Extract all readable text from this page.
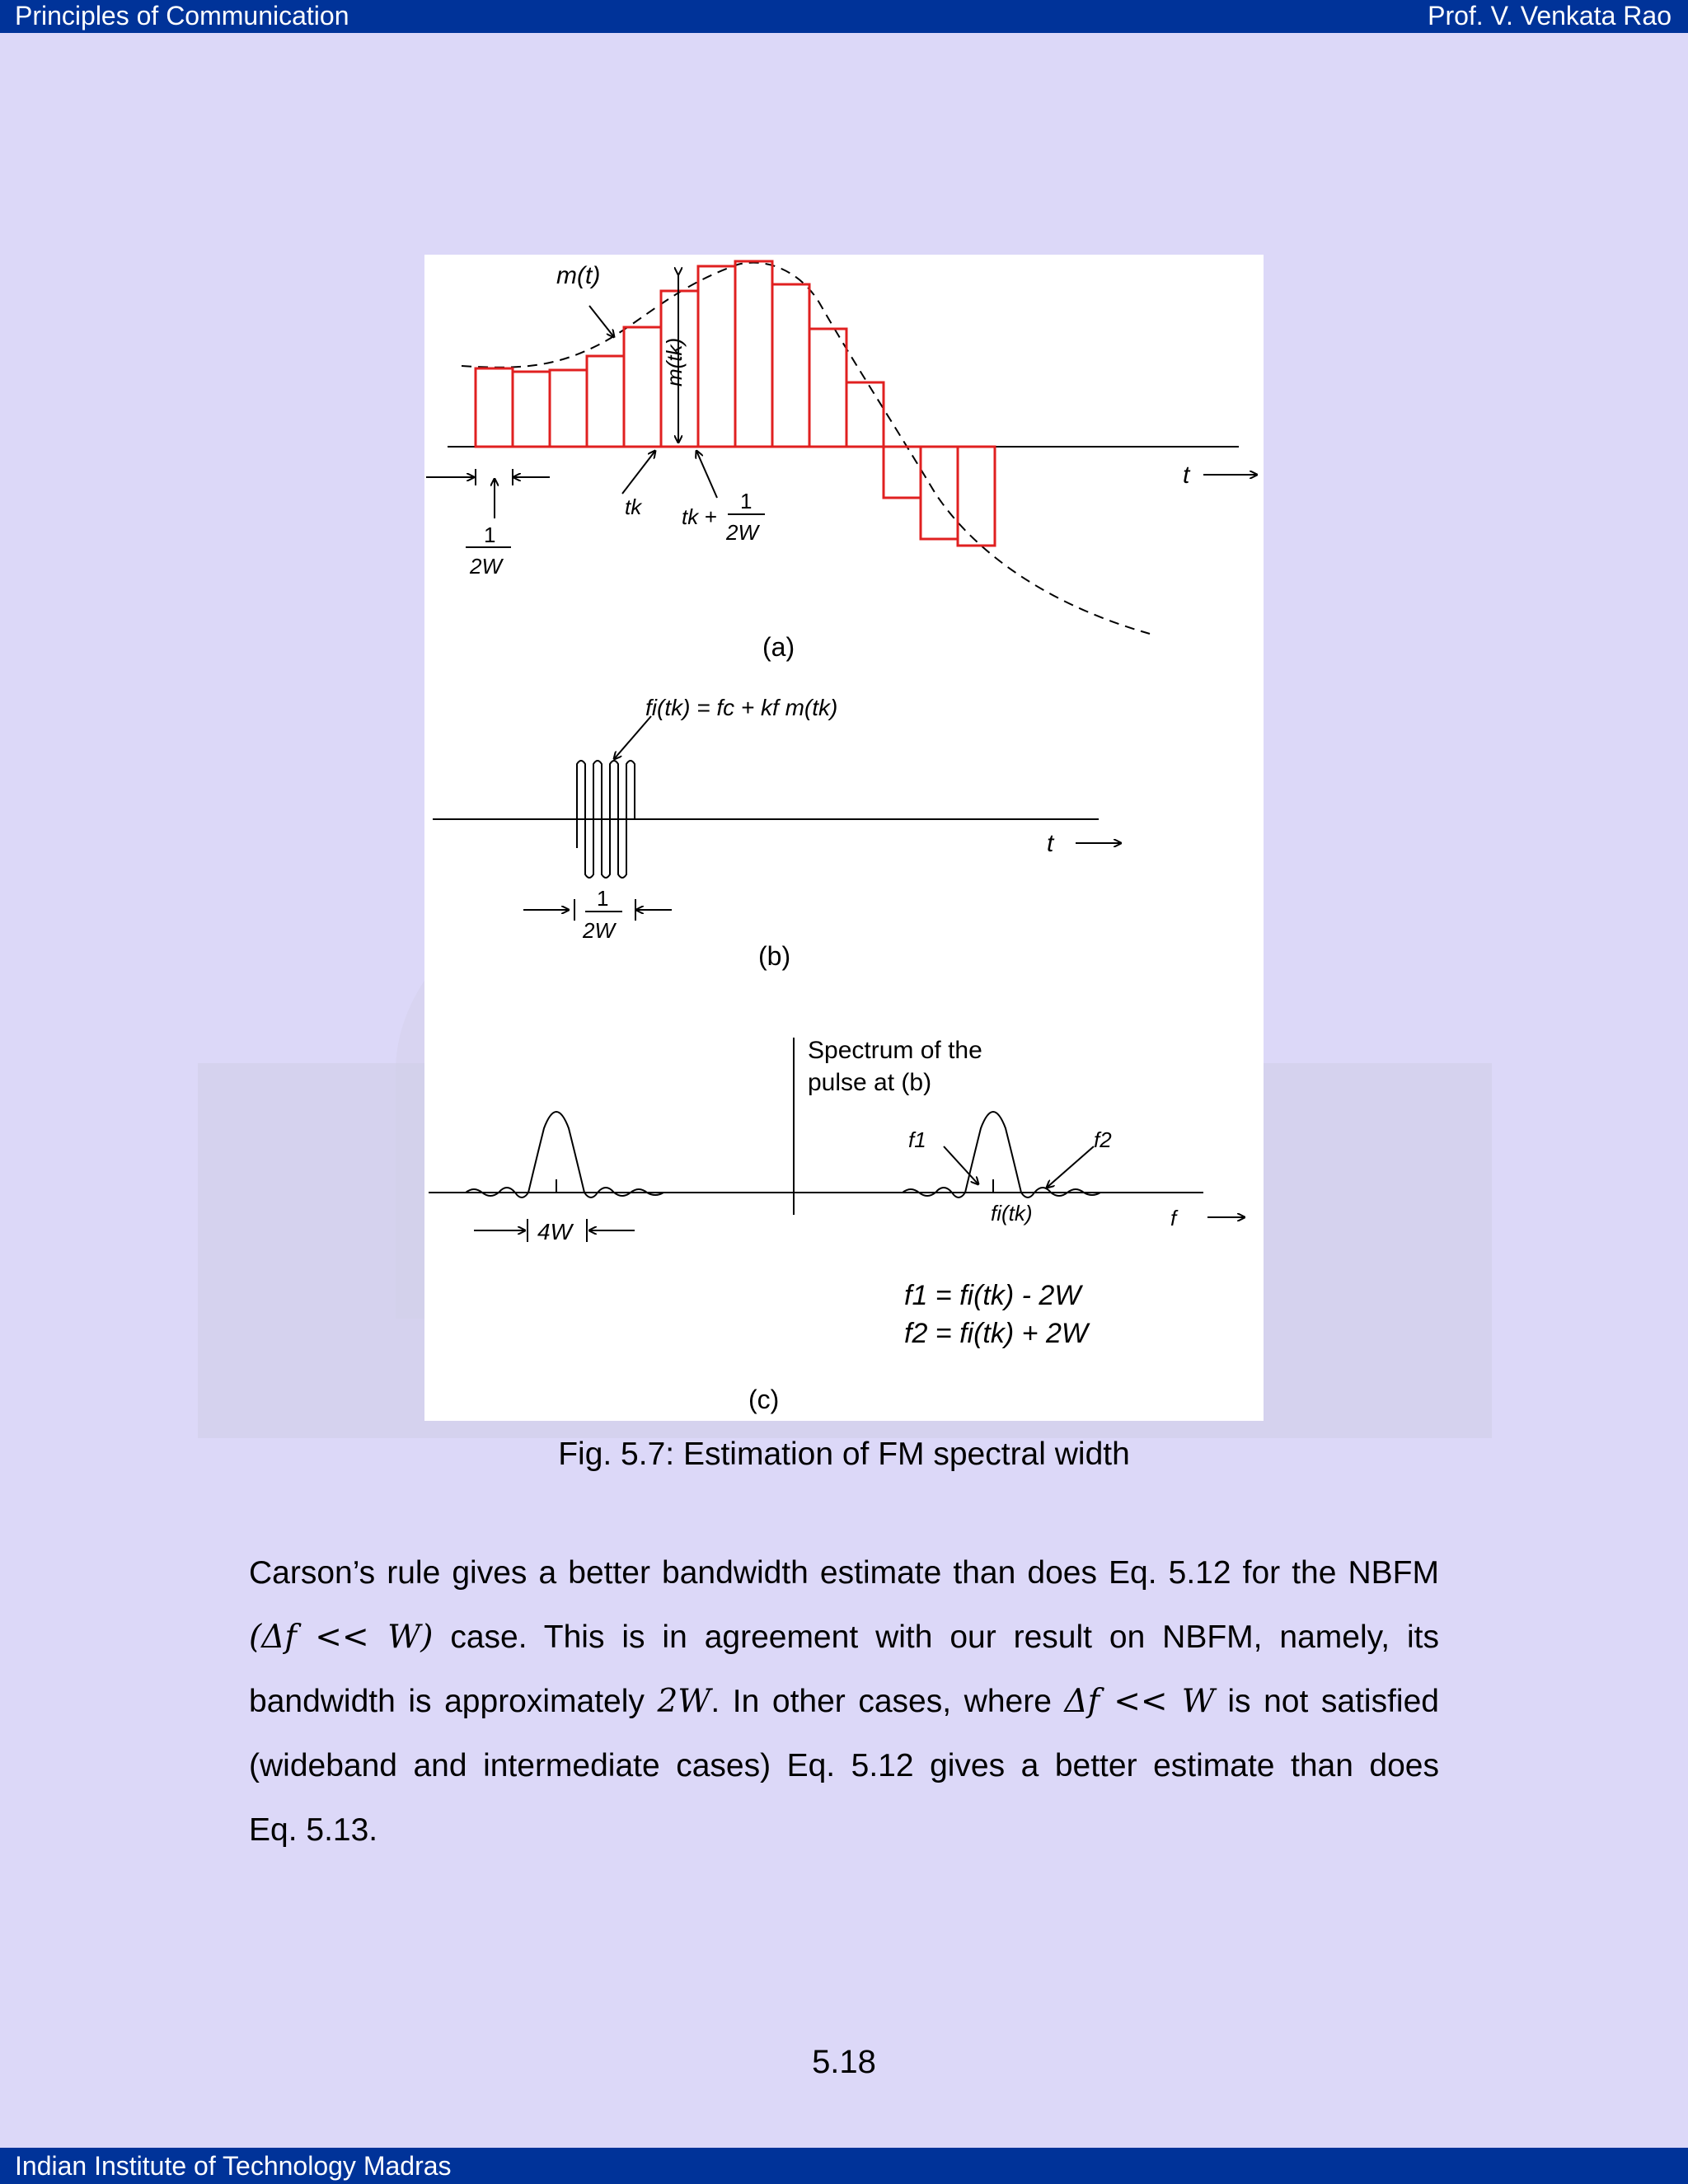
Principles of Communication	Prof. V. Venkata Rao
m(t)
m(tk)
t
tk tk +
1
2W
1
2W
(a)
fi(tk) = fc + kf m(tk)
t
1
2W
(b)
Spectrum of the
pulse at (b)
f1	f2
fi(tk)	f
4W
f1 = fi(tk) - 2W
f2 = fi(tk) + 2W
(c)
Fig. 5.7: Estimation of FM spectral width
Carson’s rule gives a better bandwidth estimate than does Eq. 5.12 for the NBFM
(Δf << W) case. This is in agreement with our result on NBFM, namely, its
bandwidth is approximately 2W. In other cases, where Δf << W is not satisfied
(wideband and intermediate cases) Eq. 5.12 gives a better estimate than does
Eq. 5.13.
5.18
Indian Institute of Technology Madras
